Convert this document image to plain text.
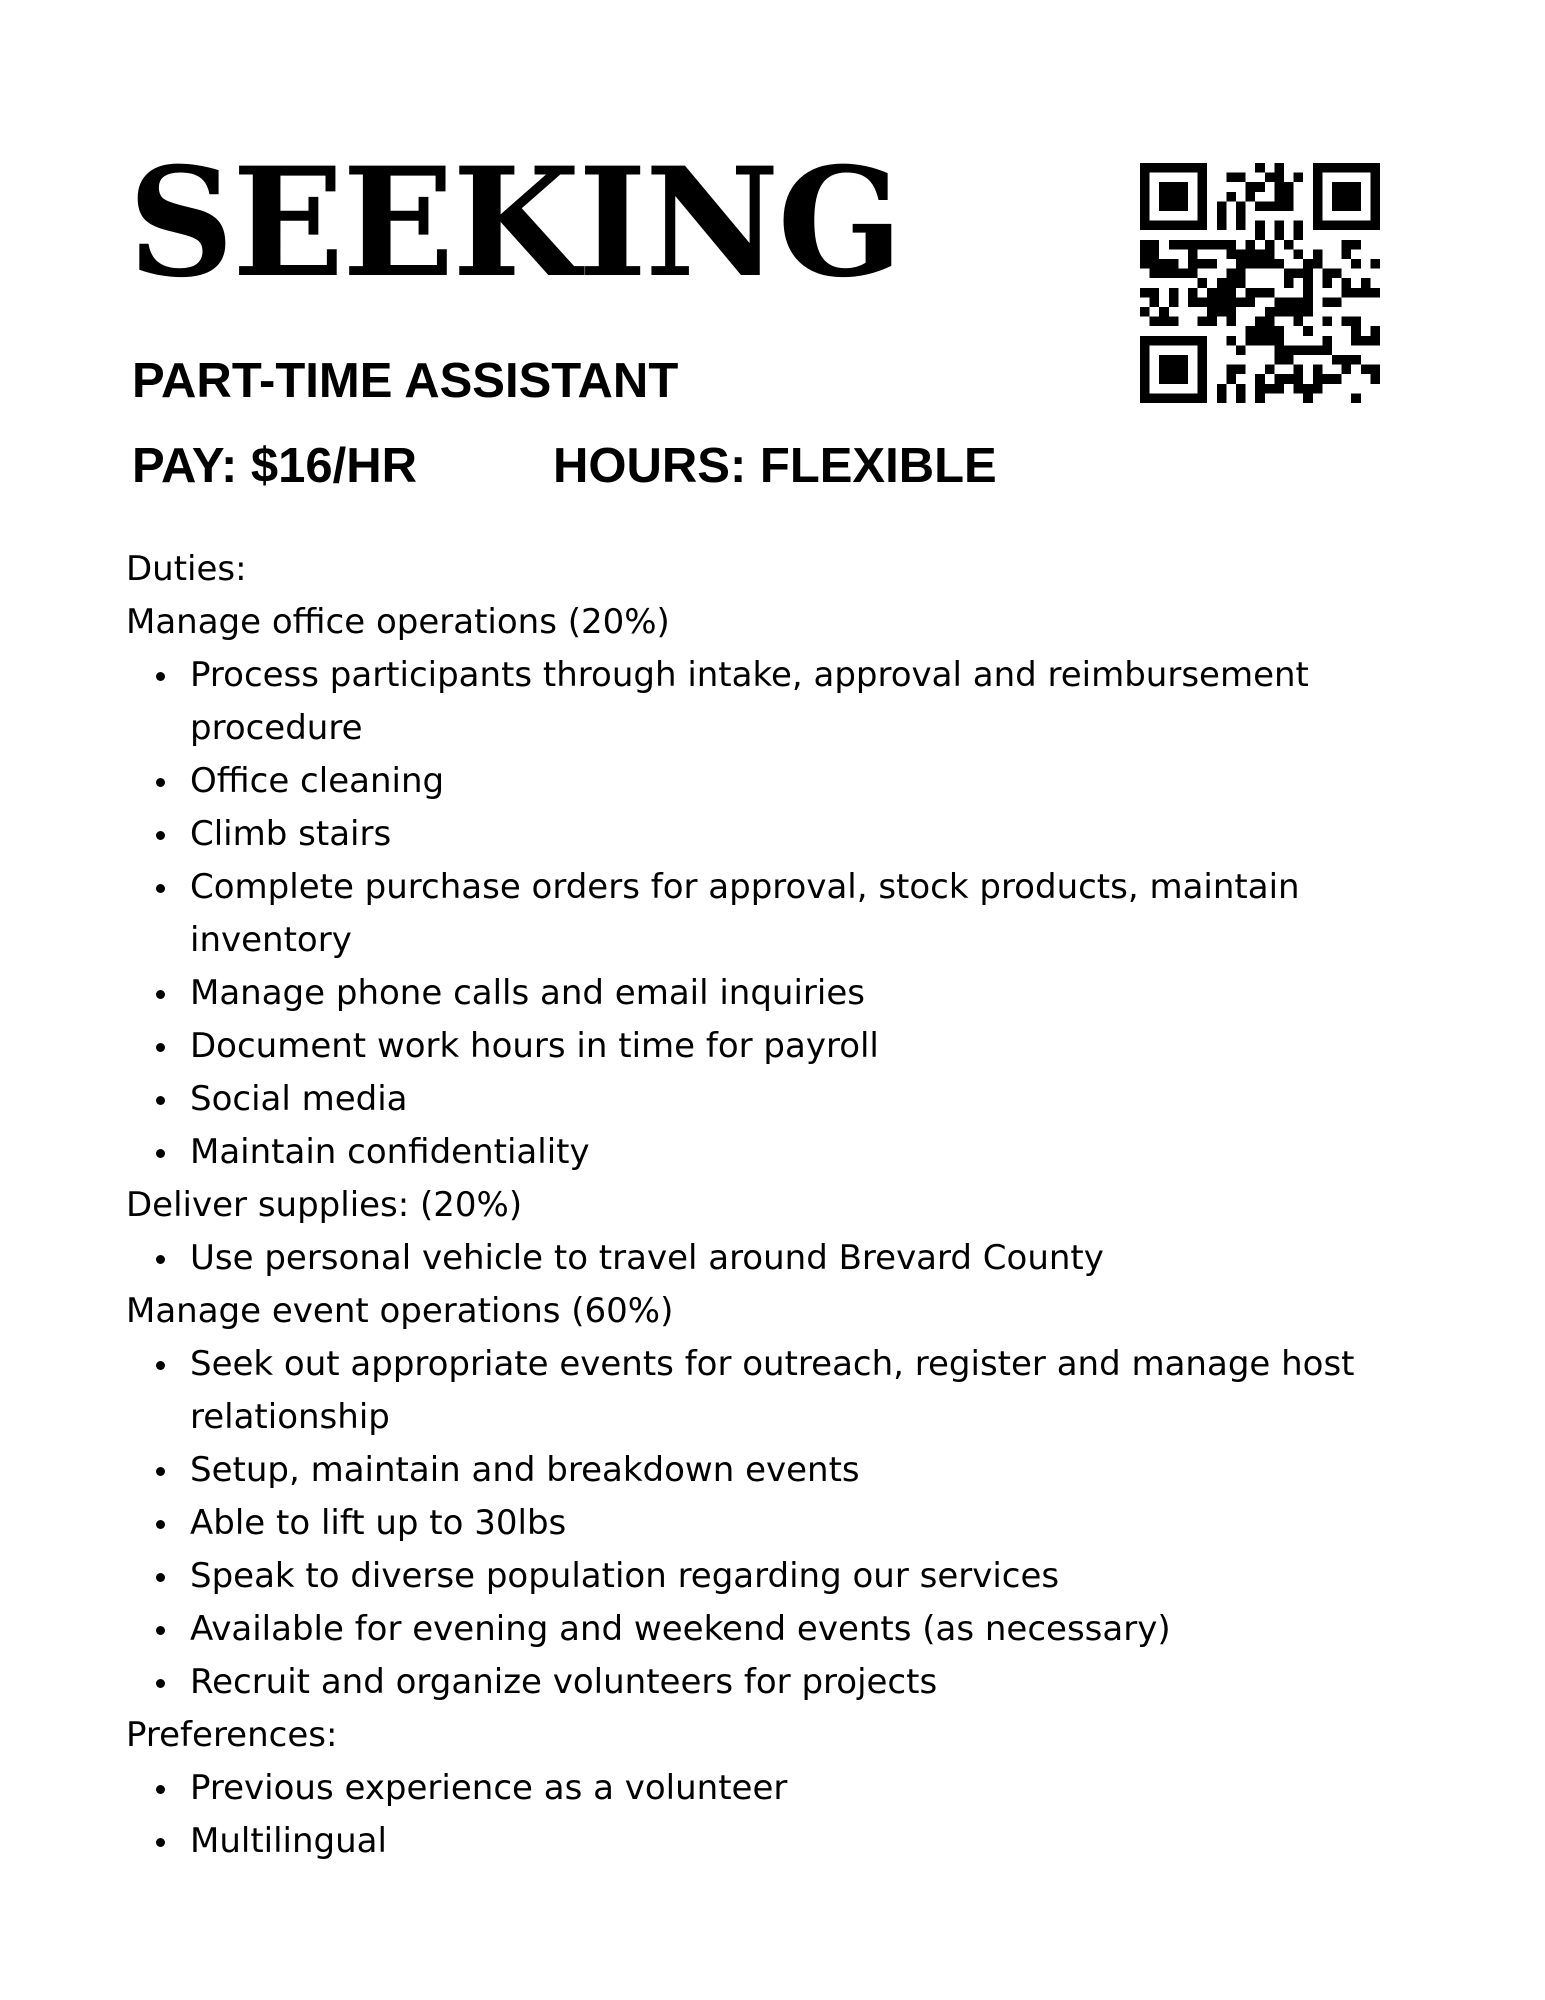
SEEKING

PART-TIME ASSISTANT

PAY: $16/HR	HOURS: FLEXIBLE

Duties:

Manage office operations (20%)

Process participants through intake, approval and reimbursement procedure
Office cleaning
Climb stairs
Complete purchase orders for approval, stock products, maintain inventory
Manage phone calls and email inquiries
Document work hours in time for payroll
Social media
Maintain confidentiality

Deliver supplies: (20%)

Use personal vehicle to travel around Brevard County

Manage event operations (60%)

Seek out appropriate events for outreach, register and manage host relationship
Setup, maintain and breakdown events
Able to lift up to 30lbs
Speak to diverse population regarding our services
Available for evening and weekend events (as necessary)
Recruit and organize volunteers for projects

Preferences:

Previous experience as a volunteer
Multilingual
